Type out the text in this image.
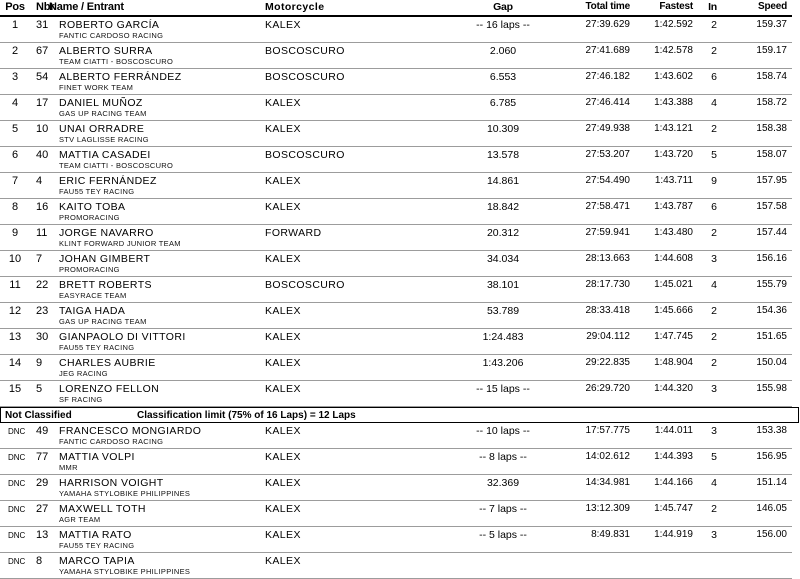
Pos	Nbr
Name / Entrant	Motorcycle	Gap	Total time	Fastest	In	Speed
1	31	ROBERTO GARCÍA
FANTIC CARDOSO RACING
KALEX	-- 16 laps --	27:39.629	1:42.592	2	159.37
2	67	ALBERTO SURRA
TEAM CIATTI - BOSCOSCURO
BOSCOSCURO	2.060	27:41.689	1:42.578	2	159.17
3	54	ALBERTO FERRÁNDEZ
FINET WORK TEAM
BOSCOSCURO	6.553	27:46.182	1:43.602	6	158.74
4	17	DANIEL MUÑOZ
GAS UP RACING TEAM
KALEX	6.785	27:46.414	1:43.388	4	158.72
5	10	UNAI ORRADRE
STV LAGLISSE RACING
KALEX	10.309	27:49.938	1:43.121	2	158.38
6	40	MATTIA CASADEI
TEAM CIATTI - BOSCOSCURO
BOSCOSCURO	13.578	27:53.207	1:43.720	5	158.07
7	4	ERIC FERNÁNDEZ
FAU55 TEY RACING
KALEX	14.861	27:54.490	1:43.711	9	157.95
8	16	KAITO TOBA
PROMORACING
KALEX	18.842	27:58.471	1:43.787	6	157.58
9	11	JORGE NAVARRO
KLINT FORWARD JUNIOR TEAM
FORWARD	20.312	27:59.941	1:43.480	2	157.44
10	7	JOHAN GIMBERT
PROMORACING
KALEX	34.034	28:13.663	1:44.608	3	156.16
11	22	BRETT ROBERTS
EASYRACE TEAM
BOSCOSCURO	38.101	28:17.730	1:45.021	4	155.79
12	23	TAIGA HADA
GAS UP RACING TEAM
KALEX	53.789	28:33.418	1:45.666	2	154.36
13	30	GIANPAOLO DI VITTORI
FAU55 TEY RACING
KALEX	1:24.483	29:04.112	1:47.745	2	151.65
14	9	CHARLES AUBRIE
JEG RACING
KALEX	1:43.206	29:22.835	1:48.904	2	150.04
15	5	LORENZO FELLON
SF RACING
KALEX	-- 15 laps --	26:29.720	1:44.320	3	155.98
Not Classified	Classification limit (75% of 16 Laps) = 12 Laps
DNC 49	FRANCESCO MONGIARDO
FANTIC CARDOSO RACING
KALEX	-- 10 laps --	17:57.775	1:44.011	3	153.38
DNC 77	MATTIA VOLPI
MMR
KALEX	-- 8 laps --	14:02.612	1:44.393	5	156.95
DNC 29	HARRISON VOIGHT
YAMAHA STYLOBIKE PHILIPPINES
KALEX	32.369	14:34.981	1:44.166	4	151.14
DNC 27	MAXWELL TOTH
AGR TEAM
KALEX	-- 7 laps --	13:12.309	1:45.747	2	146.05
DNC 13	MATTIA RATO
FAU55 TEY RACING
KALEX	-- 5 laps --	8:49.831	1:44.919	3	156.00
DNC 8	MARCO TAPIA
YAMAHA STYLOBIKE PHILIPPINES
KALEX
